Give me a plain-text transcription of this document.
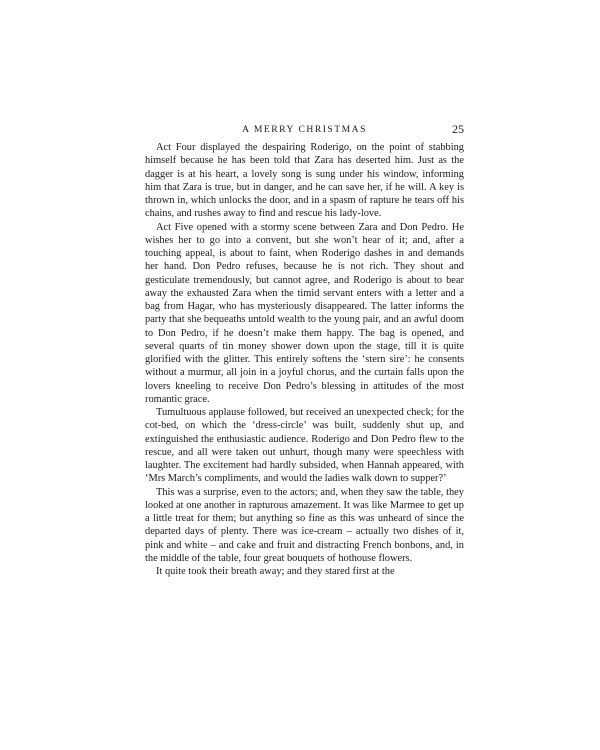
A MERRY CHRISTMAS	25

Act Four displayed the despairing Roderigo, on the point of stabbing himself because he has been told that Zara has deserted him. Just as the dagger is at his heart, a lovely song is sung under his window, informing him that Zara is true, but in danger, and he can save her, if he will. A key is thrown in, which unlocks the door, and in a spasm of rapture he tears off his chains, and rushes away to find and rescue his lady-love.

Act Five opened with a stormy scene between Zara and Don Pedro. He wishes her to go into a convent, but she won’t hear of it; and, after a touching appeal, is about to faint, when Roderigo dashes in and demands her hand. Don Pedro refuses, because he is not rich. They shout and gesticulate tremendously, but cannot agree, and Roderigo is about to bear away the exhausted Zara when the timid servant enters with a letter and a bag from Hagar, who has mysteriously disappeared. The latter informs the party that she bequeaths untold wealth to the young pair, and an awful doom to Don Pedro, if he doesn’t make them happy. The bag is opened, and several quarts of tin money shower down upon the stage, till it is quite glorified with the glitter. This entirely softens the ‘stern sire’: he consents without a murmur, all join in a joyful chorus, and the curtain falls upon the lovers kneeling to receive Don Pedro’s blessing in attitudes of the most romantic grace.

Tumultuous applause followed, but received an unexpected check; for the cot-bed, on which the ‘dress-circle’ was built, suddenly shut up, and extinguished the enthusiastic audience. Roderigo and Don Pedro flew to the rescue, and all were taken out unhurt, though many were speechless with laughter. The excitement had hardly subsided, when Hannah appeared, with ‘Mrs March’s compliments, and would the ladies walk down to supper?’

This was a surprise, even to the actors; and, when they saw the table, they looked at one another in rapturous amazement. It was like Marmee to get up a little treat for them; but anything so fine as this was unheard of since the departed days of plenty. There was ice-cream – actually two dishes of it, pink and white – and cake and fruit and distracting French bonbons, and, in the middle of the table, four great bouquets of hothouse flowers.

It quite took their breath away; and they stared first at the
